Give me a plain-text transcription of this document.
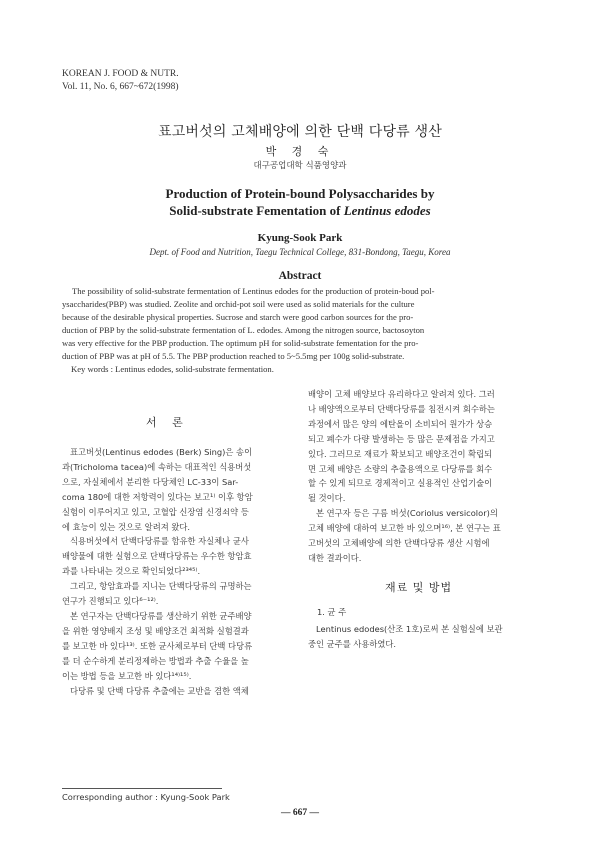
KOREAN J. FOOD & NUTR.
Vol. 11, No. 6, 667~672(1998)
표고버섯의 고체배양에 의한 단백 다당류 생산
박 경 숙
대구공업대학 식품영양과
Production of Protein-bound Polysaccharides by
Solid-substrate Fementation of Lentinus edodes
Kyung-Sook Park
Dept. of Food and Nutrition, Taegu Technical College, 831-Bondong, Taegu, Korea
Abstract
The possibility of solid-substrate fermentation of Lentinus edodes for the production of protein-boud pol-
ysaccharides(PBP) was studied. Zeolite and orchid-pot soil were used as solid materials for the culture
because of the desirable physical properties. Sucrose and starch were good carbon sources for the pro-
duction of PBP by the solid-substrate fermentation of L. edodes. Among the nitrogen source, bactosoyton
was very effective for the PBP production. The optimum pH for solid-substrate fementation for the pro-
duction of PBP was at pH of 5.5. The PBP production reached to 5~5.5mg per 100g solid-substrate.
Key words : Lentinus edodes, solid-substrate fermentation.
서 론
표고버섯(Lentinus edodes (Berk) Sing)은 송이
과(Tricholoma tacea)에 속하는 대표적인 식용버섯
으로, 자실체에서 분리한 다당체인 LC-33이 Sar-
coma 180에 대한 저항력이 있다는 보고¹⁾ 이후 항암
실험이 이루어지고 있고, 고혈압 신장염 신경쇠약 등
에 효능이 있는 것으로 알려져 왔다.
식용버섯에서 단백다당류를 함유한 자실체나 균사
배양물에 대한 실험으로 단백다당류는 우수한 항암효
과를 나타내는 것으로 확인되었다²³⁴⁵⁾.
그리고, 항암효과를 지니는 단백다당류의 규명하는
연구가 진행되고 있다⁶⁻¹²⁾.
본 연구자는 단백다당류를 생산하기 위한 균주배양
을 위한 영양배지 조성 및 배양조건 최적화 실험결과
를 보고한 바 있다¹³⁾. 또한 균사체로부터 단백 다당류
를 더 순수하게 분리정제하는 방법과 추출 수율을 높
이는 방법 등을 보고한 바 있다¹⁴⁾¹⁵⁾.
다당류 및 단백 다당류 추출에는 교반을 겸한 액체
배양이 고체 배양보다 유리하다고 알려져 있다. 그러
나 배양액으로부터 단백다당류를 침전시켜 회수하는
과정에서 많은 양의 에탄올이 소비되어 원가가 상승
되고 폐수가 다량 발생하는 등 많은 문제점을 가지고
있다. 그러므로 재료가 확보되고 배양조건이 확립되
면 고체 배양은 소량의 추출용액으로 다당류를 회수
할 수 있게 되므로 경제적이고 실용적인 산업기술이
될 것이다.
본 연구자 등은 구름 버섯(Coriolus versicolor)의
고체 배양에 대하여 보고한 바 있으며¹⁶⁾, 본 연구는 표
고버섯의 고체배양에 의한 단백다당류 생산 시험에
대한 결과이다.
재료 및 방법
1. 균 주
Lentinus edodes(산조 1호)로써 본 실험실에 보관
중인 균주를 사용하였다.
Corresponding author : Kyung-Sook Park
— 667 —
